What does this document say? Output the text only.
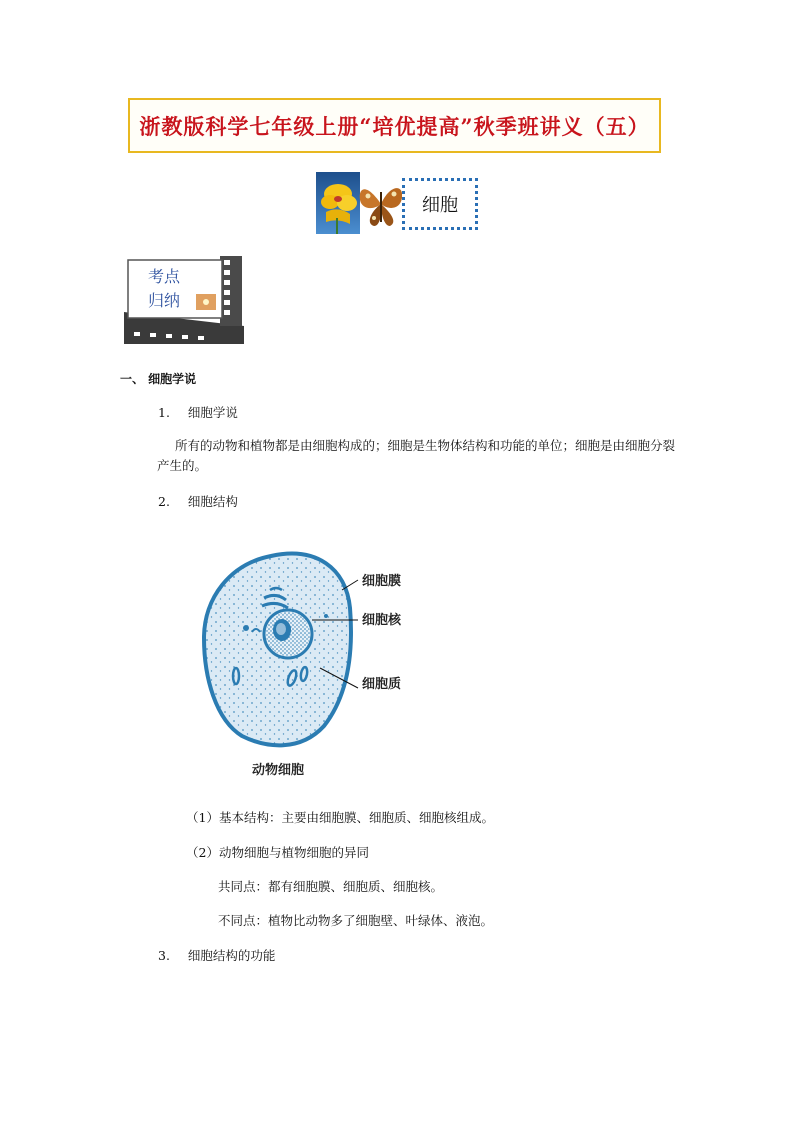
浙教版科学七年级上册“培优提高”秋季班讲义（五）
细胞
考点
归纳
一、 细胞学说
1. 细胞学说
所有的动物和植物都是由细胞构成的；细胞是生物体结构和功能的单位；细胞是由细胞分裂产生的。
2. 细胞结构
细胞膜
细胞核
细胞质
动物细胞
（1）基本结构：主要由细胞膜、细胞质、细胞核组成。
（2）动物细胞与植物细胞的异同
共同点：都有细胞膜、细胞质、细胞核。
不同点：植物比动物多了细胞壁、叶绿体、液泡。
3. 细胞结构的功能
